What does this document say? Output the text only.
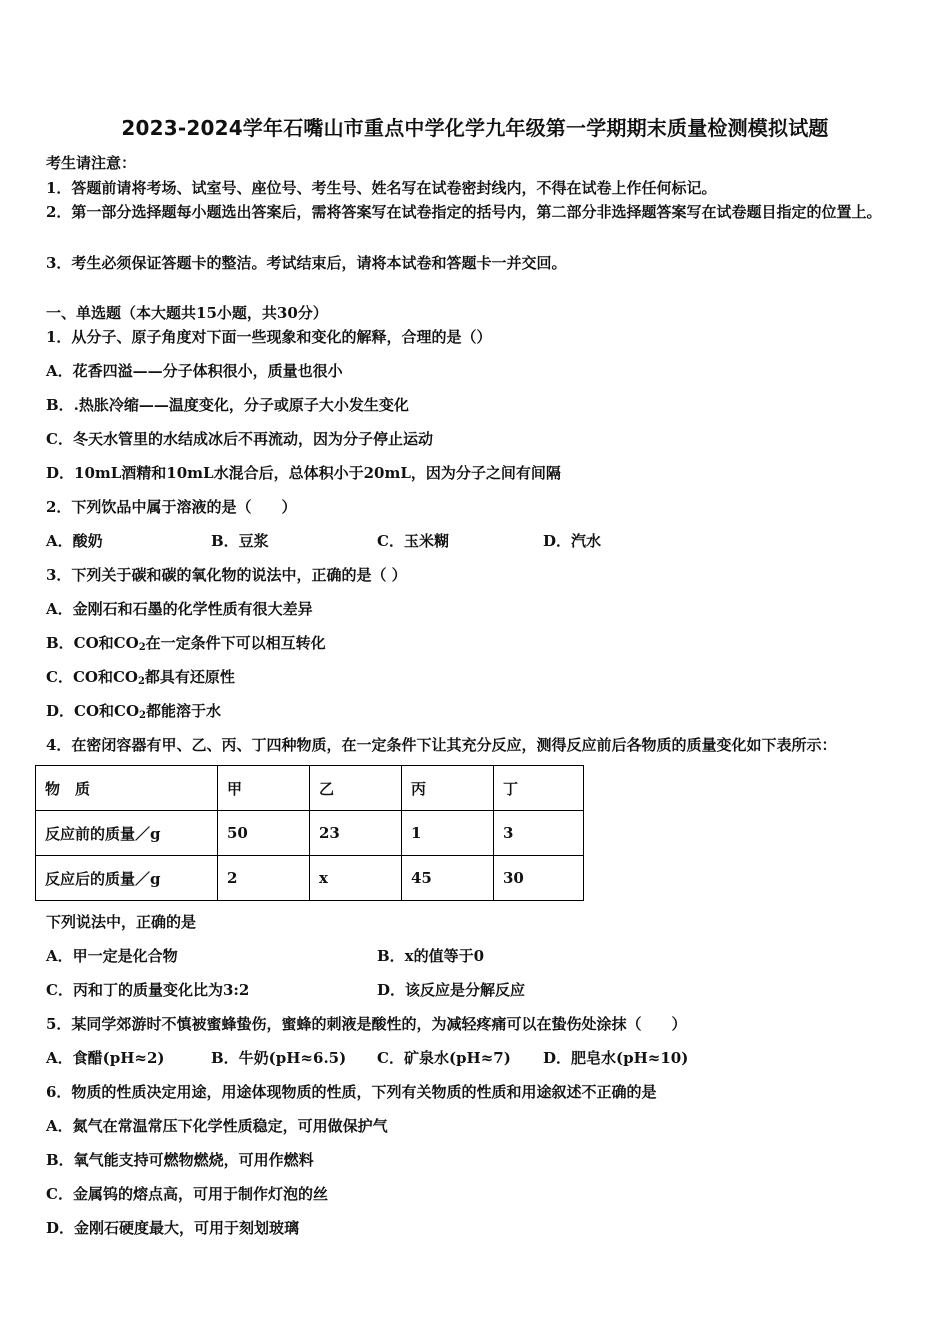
2023-2024学年石嘴山市重点中学化学九年级第一学期期末质量检测模拟试题
考生请注意：
1．答题前请将考场、试室号、座位号、考生号、姓名写在试卷密封线内，不得在试卷上作任何标记。
2．第一部分选择题每小题选出答案后，需将答案写在试卷指定的括号内，第二部分非选择题答案写在试卷题目指定的位置上。
3．考生必须保证答题卡的整洁。考试结束后，请将本试卷和答题卡一并交回。
一、单选题（本大题共15小题，共30分）
1．从分子、原子角度对下面一些现象和变化的解释，合理的是（）
A．花香四溢——分子体积很小，质量也很小
B．.热胀冷缩——温度变化，分子或原子大小发生变化
C．冬天水管里的水结成冰后不再流动，因为分子停止运动
D．10mL酒精和10mL水混合后，总体积小于20mL，因为分子之间有间隔
2．下列饮品中属于溶液的是（　　）
A．酸奶	B．豆浆	C．玉米糊	D．汽水
3．下列关于碳和碳的氧化物的说法中，正确的是（ ）
A．金刚石和石墨的化学性质有很大差异
B．CO和$CO_2$在一定条件下可以相互转化
C．CO和$CO_2$都具有还原性
D．CO和$CO_2$都能溶于水
4．在密闭容器有甲、乙、丙、丁四种物质，在一定条件下让其充分反应，测得反应前后各物质的质量变化如下表所示：
物　质	甲	乙	丙	丁
反应前的质量／g	50	23	1	3
反应后的质量／g	2	x	45	30
下列说法中，正确的是
A．甲一定是化合物	B．x的值等于0
C．丙和丁的质量变化比为3:2	D．该反应是分解反应
5．某同学郊游时不慎被蜜蜂蛰伤，蜜蜂的刺液是酸性的，为减轻疼痛可以在蛰伤处涂抹（　　）
A．食醋(pH≈2)	B．牛奶(pH≈6.5) C．矿泉水(pH≈7) D．肥皂水(pH≈10)
6．物质的性质决定用途，用途体现物质的性质，下列有关物质的性质和用途叙述不正确的是
A．氮气在常温常压下化学性质稳定，可用做保护气
B．氧气能支持可燃物燃烧，可用作燃料
C．金属钨的熔点高，可用于制作灯泡的丝
D．金刚石硬度最大，可用于刻划玻璃
